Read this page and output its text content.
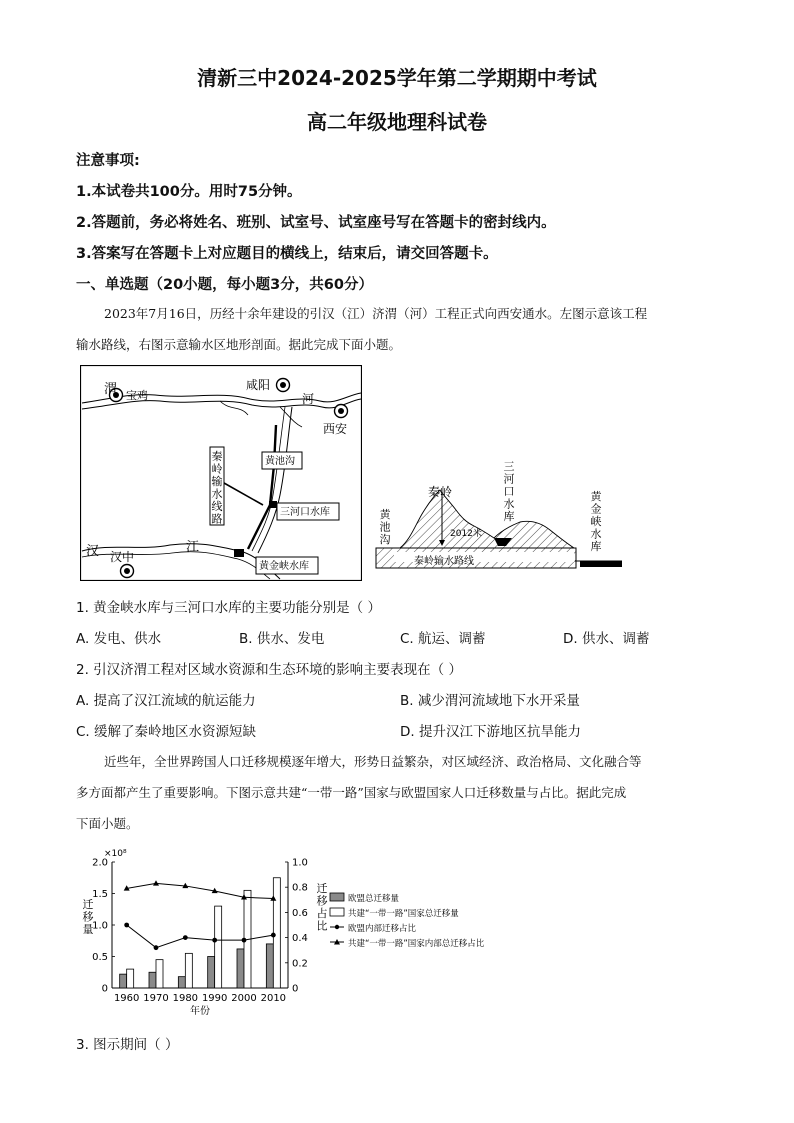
清新三中2024-2025学年第二学期期中考试
高二年级地理科试卷
注意事项:
1.本试卷共100分。用时75分钟。
2.答题前，务必将姓名、班别、试室号、试室座号写在答题卡的密封线内。
3.答案写在答题卡上对应题目的横线上，结束后，请交回答题卡。
一、单选题（20小题，每小题3分，共60分）
2023年7月16日，历经十余年建设的引汉（江）济渭（河）工程正式向西安通水。左图示意该工程
输水路线，右图示意输水区地形剖面。据此完成下面小题。
渭 宝鸡
咸阳
河
西安
黄池沟
三河口水库
汉 汉中
江
黄金峡水库
秦岭输水线路
2012米
秦岭
秦岭输水路线
黄池沟
三河口水库
黄金峡水库
1. 黄金峡水库与三河口水库的主要功能分别是（ ）
A. 发电、供水	B. 供水、发电	C. 航运、调蓄	D. 供水、调蓄
2. 引汉济渭工程对区域水资源和生态环境的影响主要表现在（ ）
A. 提高了汉江流域的航运能力	B. 减少渭河流域地下水开采量
C. 缓解了秦岭地区水资源短缺	D. 提升汉江下游地区抗旱能力
近些年，全世界跨国人口迁移规模逐年增大，形势日益繁杂，对区域经济、政治格局、文化融合等
多方面都产生了重要影响。下图示意共建“一带一路”国家与欧盟国家人口迁移数量与占比。据此完成
下面小题。
0
0.5
1.0
1.5
2.0
0
0.2
0.4
0.6
0.8
1.0
×10⁸
迁移量
迁移占比
年份
1960 1970 1980 1990 2000 2010
欧盟总迁移量
共建“一带一路”国家总迁移量
欧盟内部迁移占比
共建“一带一路”国家内部总迁移占比
3. 图示期间（ ）
